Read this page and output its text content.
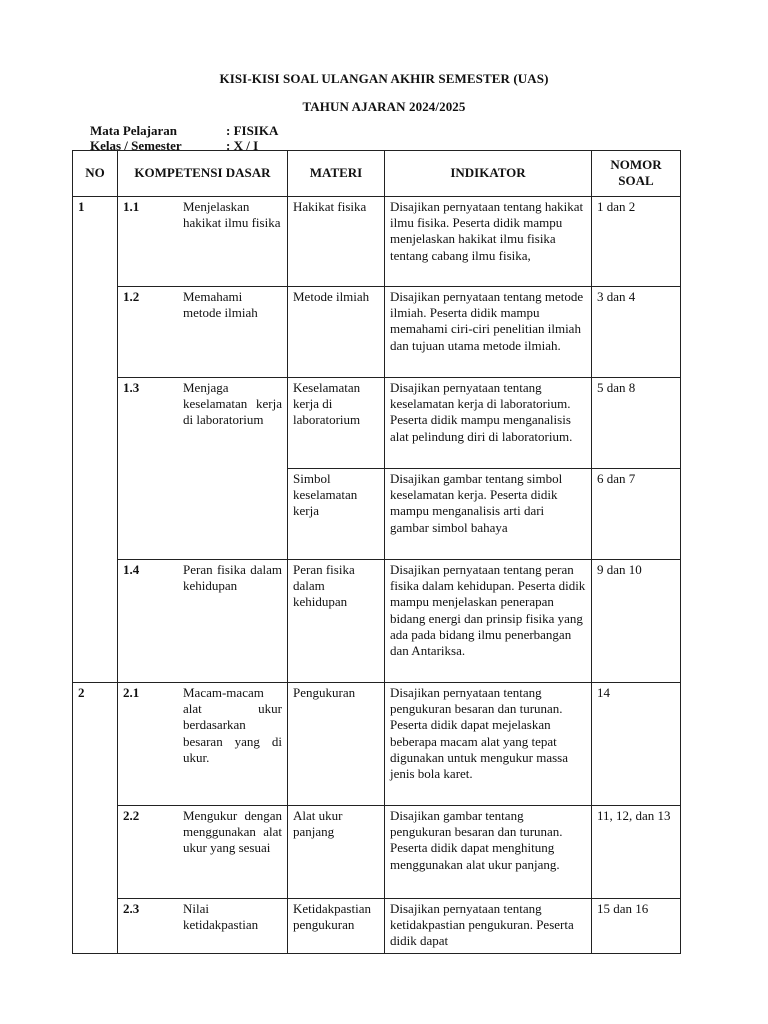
KISI-KISI SOAL ULANGAN AKHIR SEMESTER (UAS)
TAHUN AJARAN 2024/2025
Mata Pelajaran	: FISIKA
Kelas / Semester	: X / I
NO	KOMPETENSI DASAR	MATERI	INDIKATOR	NOMOR SOAL
1	1.1 Menjelaskan hakikat ilmu fisika	Hakikat fisika	Disajikan pernyataan tentang hakikat ilmu fisika. Peserta didik mampu menjelaskan hakikat ilmu fisika tentang cabang ilmu fisika,	1 dan 2

	1.2 Memahami metode ilmiah	Metode ilmiah	Disajikan pernyataan tentang metode ilmiah. Peserta didik mampu memahami ciri-ciri penelitian ilmiah dan tujuan utama metode ilmiah.	3 dan 4

	1.3 Menjaga keselamatan kerja di laboratorium	Keselamatan kerja di laboratorium	Disajikan pernyataan tentang keselamatan kerja di laboratorium. Peserta didik mampu menganalisis alat pelindung diri di laboratorium.	5 dan 8
		Simbol keselamatan kerja	Disajikan gambar tentang simbol keselamatan kerja. Peserta didik mampu menganalisis arti dari gambar simbol bahaya	6 dan 7

	1.4 Peran fisika dalam kehidupan	Peran fisika dalam kehidupan	Disajikan pernyataan tentang peran fisika dalam kehidupan. Peserta didik mampu menjelaskan penerapan bidang energi dan prinsip fisika yang ada pada bidang ilmu penerbangan dan Antariksa.	9 dan 10
2	2.1 Macam-macam alat ukur berdasarkan besaran yang di ukur.	Pengukuran	Disajikan pernyataan tentang pengukuran besaran dan turunan. Peserta didik dapat mejelaskan beberapa macam alat yang tepat digunakan untuk mengukur massa jenis bola karet.	14

	2.2 Mengukur dengan menggunakan alat ukur yang sesuai	Alat ukur panjang	Disajikan gambar tentang pengukuran besaran dan turunan. Peserta didik dapat menghitung menggunakan alat ukur panjang.	11, 12, dan 13

	2.3 Nilai ketidakpastian	Ketidakpastian pengukuran	Disajikan pernyataan tentang ketidakpastian pengukuran. Peserta didik dapat	15 dan 16
